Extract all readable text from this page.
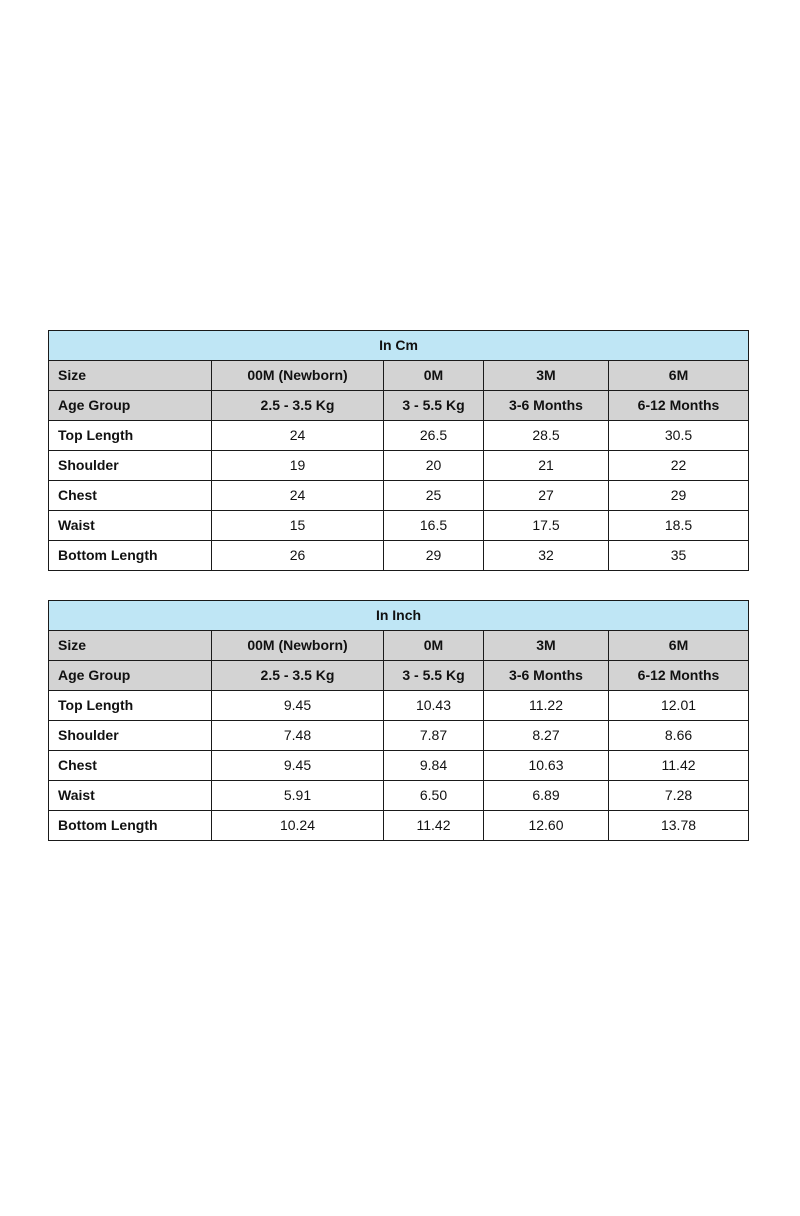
In Cm				
Size	00M (Newborn)	0M	3M	6M
Age Group	2.5 - 3.5 Kg	3 - 5.5 Kg	3-6 Months	6-12 Months
Top Length	24	26.5	28.5	30.5
Shoulder	19	20	21	22
Chest	24	25	27	29
Waist	15	16.5	17.5	18.5
Bottom Length	26	29	32	35
In Inch				
Size	00M (Newborn)	0M	3M	6M
Age Group	2.5 - 3.5 Kg	3 - 5.5 Kg	3-6 Months	6-12 Months
Top Length	9.45	10.43	11.22	12.01
Shoulder	7.48	7.87	8.27	8.66
Chest	9.45	9.84	10.63	11.42
Waist	5.91	6.50	6.89	7.28
Bottom Length	10.24	11.42	12.60	13.78
